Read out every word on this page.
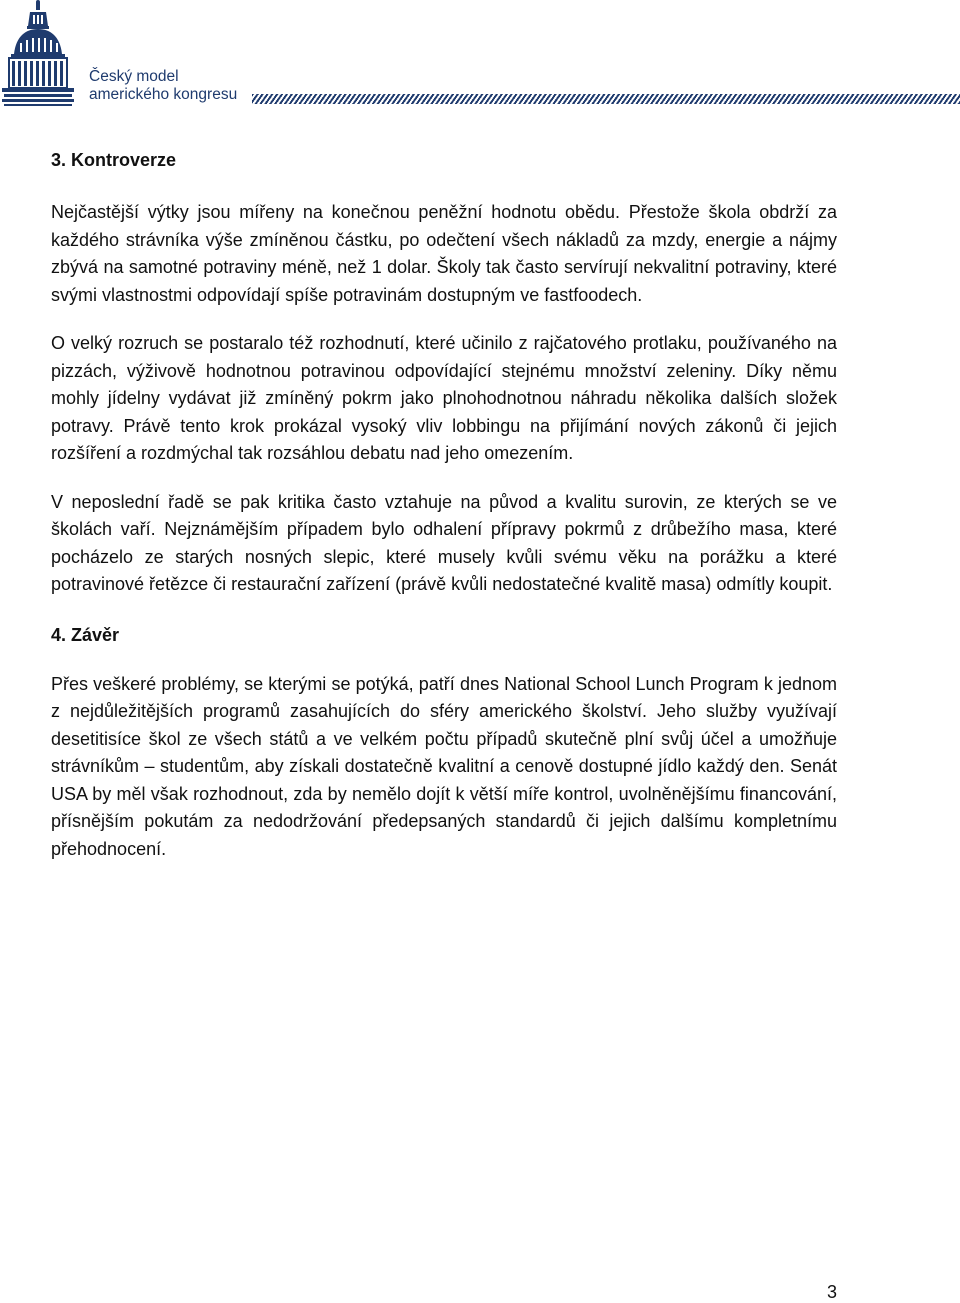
Český model
amerického kongresu
3. Kontroverze

Nejčastější výtky jsou mířeny na konečnou peněžní hodnotu obědu. Přestože škola obdrží za každého strávníka výše zmíněnou částku, po odečtení všech nákladů za mzdy, energie a nájmy zbývá na samotné potraviny méně, než 1 dolar. Školy tak často servírují nekvalitní potraviny, které svými vlastnostmi odpovídají spíše potravinám dostupným ve fastfoodech.

O velký rozruch se postaralo též rozhodnutí, které učinilo z rajčatového protlaku, používaného na pizzách, výživově hodnotnou potravinou odpovídající stejnému množství zeleniny. Díky němu mohly jídelny vydávat již zmíněný pokrm jako plnohodnotnou náhradu několika dalších složek potravy. Právě tento krok prokázal vysoký vliv lobbingu na přijímání nových zákonů či jejich rozšíření a rozdmýchal tak rozsáhlou debatu nad jeho omezením.

V neposlední řadě se pak kritika často vztahuje na původ a kvalitu surovin, ze kterých se ve školách vaří. Nejznámějším případem bylo odhalení přípravy pokrmů z drůbežího masa, které pocházelo ze starých nosných slepic, které musely kvůli svému věku na porážku a které potravinové řetězce či restaurační zařízení (právě kvůli nedostatečné kvalitě masa) odmítly koupit.

4. Závěr

Přes veškeré problémy, se kterými se potýká, patří dnes National School Lunch Program k jednom z nejdůležitějších programů zasahujících do sféry amerického školství. Jeho služby využívají desetitisíce škol ze všech států a ve velkém počtu případů skutečně plní svůj účel a umožňuje strávníkům – studentům, aby získali dostatečně kvalitní a cenově dostupné jídlo každý den. Senát USA by měl však rozhodnout, zda by nemělo dojít k větší míře kontrol, uvolněnějšímu financování, přísnějším pokutám za nedodržování předepsaných standardů či jejich dalšímu kompletnímu přehodnocení.

3
